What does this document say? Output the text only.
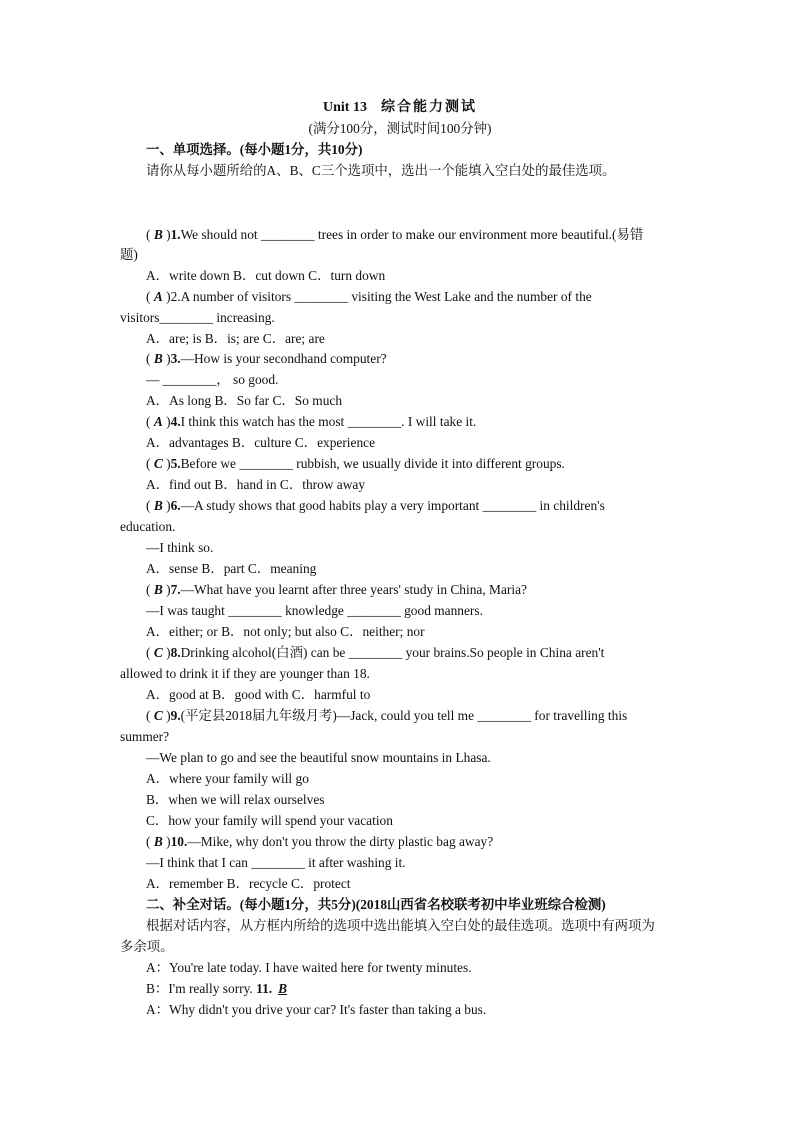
Unit 13 综合能力测试
(满分100分，测试时间100分钟)
一、单项选择。(每小题1分，共10分)
请你从每小题所给的A、B、C三个选项中，选出一个能填入空白处的最佳选项。
( B )1.We should not ________ trees in order to make our environment more beautiful.(易错
题)
A．write down B．cut down C．turn down
( A )2.A number of visitors ________ visiting the West Lake and the number of the
visitors________ increasing.
A．are; is B．is; are C．are; are
( B )3.—How is your secondhand computer?
— ________， so good.
A．As long B．So far C．So much
( A )4.I think this watch has the most ________. I will take it.
A．advantages B．culture C．experience
( C )5.Before we ________ rubbish, we usually divide it into different groups.
A．find out B．hand in C．throw away
( B )6.—A study shows that good habits play a very important ________ in children's
education.
—I think so.
A．sense B．part C．meaning
( B )7.—What have you learnt after three years' study in China, Maria?
—I was taught ________ knowledge ________ good manners.
A．either; or B．not only; but also C．neither; nor
( C )8.Drinking alcohol(白酒) can be ________ your brains.So people in China aren't
allowed to drink it if they are younger than 18.
A．good at B．good with C．harmful to
( C )9.(平定县2018届九年级月考)—Jack, could you tell me ________ for travelling this
summer?
—We plan to go and see the beautiful snow mountains in Lhasa.
A．where your family will go
B．when we will relax ourselves
C．how your family will spend your vacation
( B )10.—Mike, why don't you throw the dirty plastic bag away?
—I think that I can ________ it after washing it.
A．remember B．recycle C．protect
二、补全对话。(每小题1分，共5分)(2018山西省名校联考初中毕业班综合检测)
根据对话内容，从方框内所给的选项中选出能填入空白处的最佳选项。选项中有两项为
多余项。
A：You're late today. I have waited here for twenty minutes.
B：I'm really sorry. 11. B
A：Why didn't you drive your car? It's faster than taking a bus.
